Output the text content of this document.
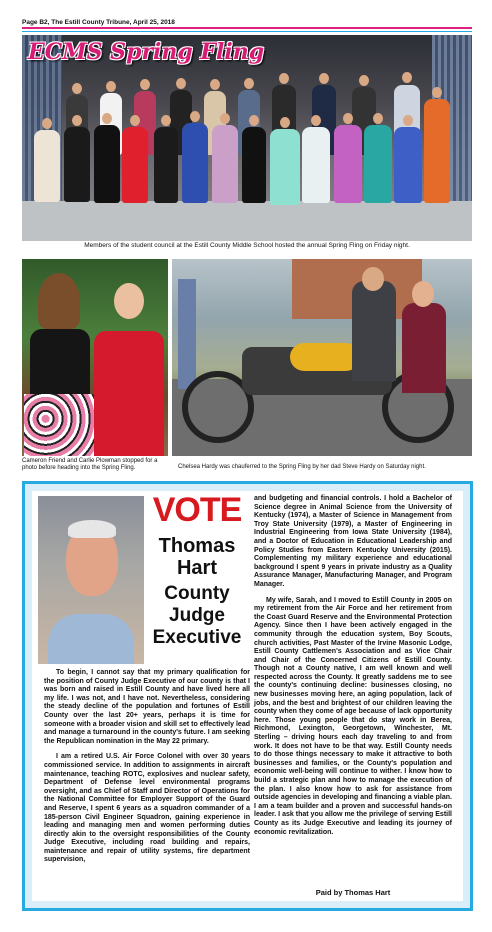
Page B2, The Estill County Tribune, April 25, 2018
ECMS Spring Fling
Members of the student council at the Estill County Middle School hosted the annual Spring Fling on Friday night.
Cameron Friend and Carlie Plowman stopped for a photo before heading into the Spring Fling.	Chelsea Hardy was chauferred to the Spring Fling by her dad Steve Hardy on Saturday night.
VOTE
Thomas
Hart
County
Judge
Executive

To begin, I cannot say that my primary qualification for the position of County Judge Executive of our county is that I was born and raised in Estill County and have lived here all my life. I was not, and I have not. Nevertheless, considering the steady decline of the population and fortunes of Estill County over the last 20+ years, perhaps it is time for someone with a broader vision and skill set to effectively lead and manage a turnaround in the county's future. I am seeking the Republican nomination in the May 22 primary.

I am a retired U.S. Air Force Colonel with over 30 years commissioned service. In addition to assignments in aircraft maintenance, teaching ROTC, explosives and nuclear safety, Department of Defense level environmental programs oversight, and as Chief of Staff and Director of Operations for the National Committee for Employer Support of the Guard and Reserve, I spent 6 years as a squadron commander of a 185-person Civil Engineer Squadron, gaining experience in leading and managing men and women performing duties directly akin to the oversight responsibilities of the County Judge Executive, including road building and repairs, maintenance and repair of utility systems, fire department supervision,

and budgeting and financial controls. I hold a Bachelor of Science degree in Animal Science from the University of Kentucky (1974), a Master of Science in Management from Troy State University (1979), a Master of Engineering in Industrial Engineering from Iowa State University (1984), and a Doctor of Education in Educational Leadership and Policy Studies from Eastern Kentucky University (2015). Complementing my military experience and educational background I spent 9 years in private industry as a Quality Assurance Manager, Manufacturing Manager, and Program Manager.

My wife, Sarah, and I moved to Estill County in 2005 on my retirement from the Air Force and her retirement from the Coast Guard Reserve and the Environmental Protection Agency. Since then I have been actively engaged in the community through the education system, Boy Scouts, church activities, Past Master of the Irvine Masonic Lodge, Estill County Cattlemen's Association and as Vice Chair and Chair of the Concerned Citizens of Estill County. Though not a County native, I am well known and well respected across the County. It greatly saddens me to see the county's continuing decline: businesses closing, no new businesses moving here, an aging population, lack of jobs, and the best and brightest of our children leaving the county when they come of age because of lack opportunity here. Those young people that do stay work in Berea, Richmond, Lexington, Georgetown, Winchester, Mt. Sterling – driving hours each day traveling to and from work. It does not have to be that way. Estill County needs to do those things necessary to make it attractive to both businesses and families, or the County's population and economic well-being will continue to wither. I know how to build a strategic plan and how to manage the execution of the plan. I also know how to ask for assistance from outside agencies in developing and financing a viable plan. I am a team builder and a proven and successful hands-on leader. I ask that you allow me the privilege of serving Estill County as its Judge Executive and leading its journey of economic revitalization.

Paid by Thomas Hart
